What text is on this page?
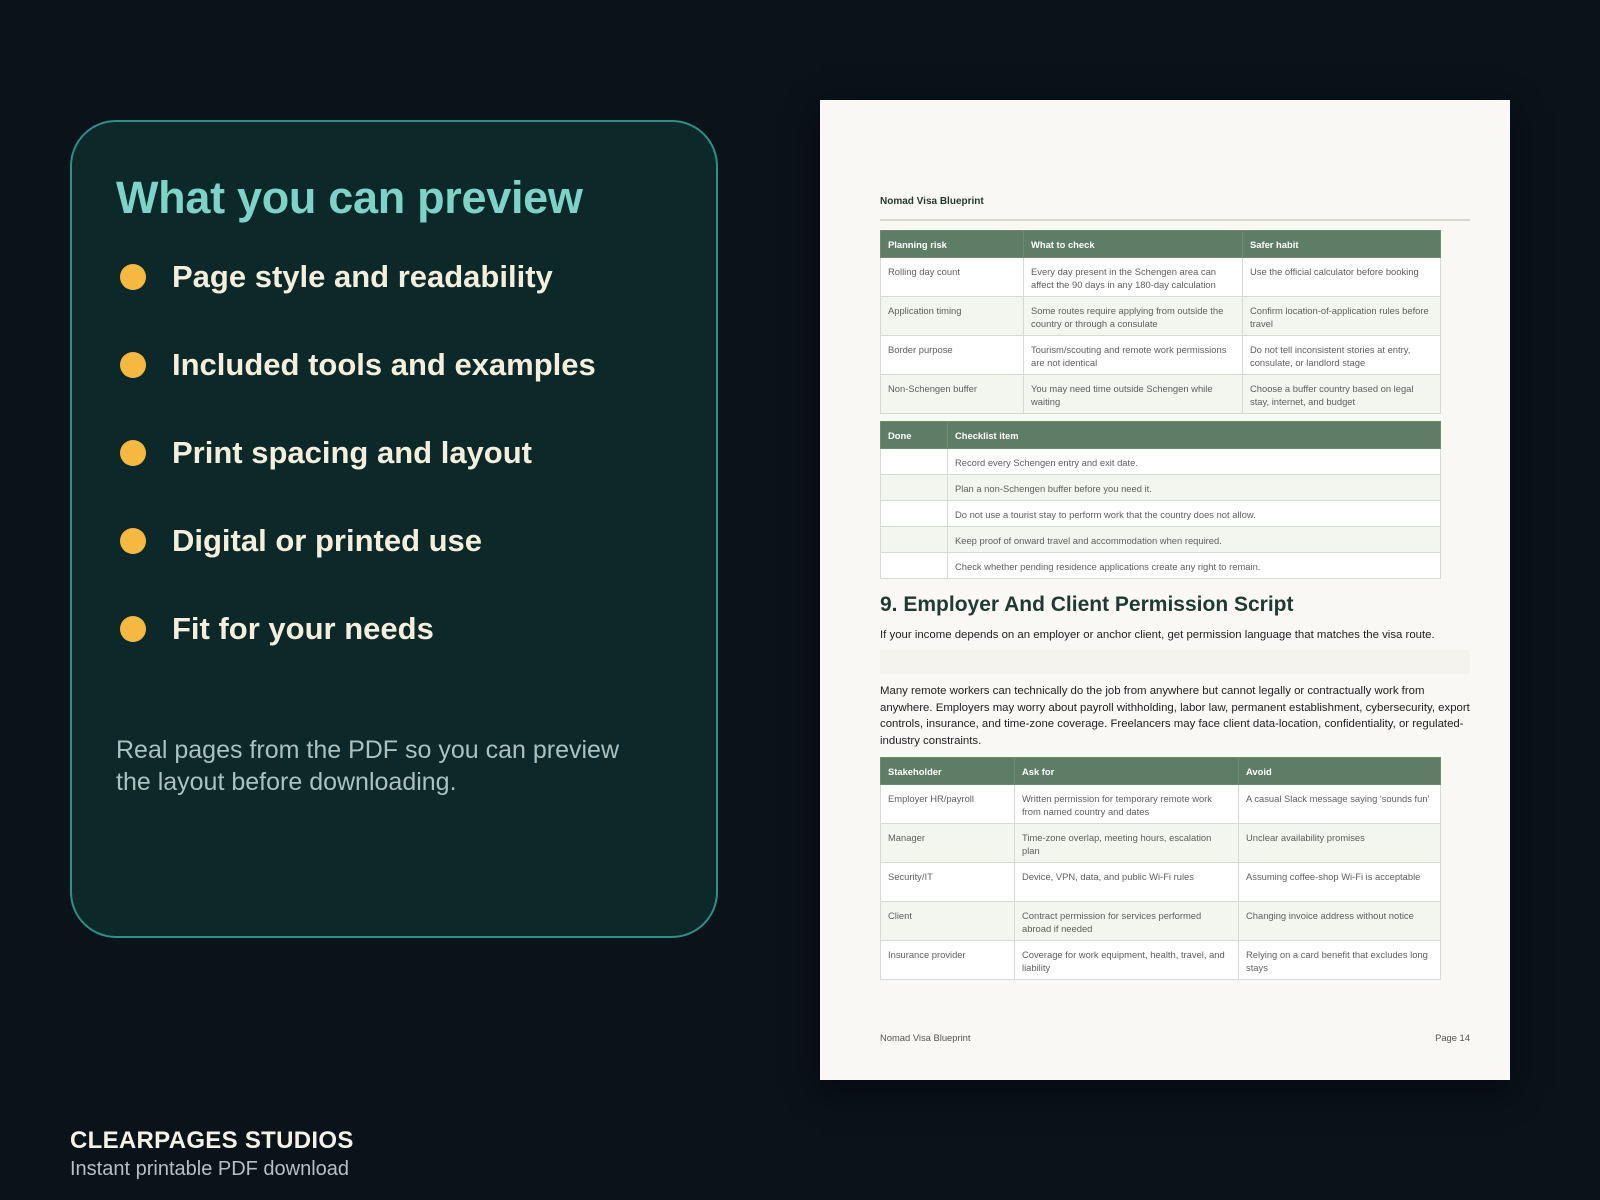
What you can preview
Page style and readability
Included tools and examples
Print spacing and layout
Digital or printed use
Fit for your needs

Real pages from the PDF so you can preview the layout before downloading.

CLEARPAGES STUDIOS
Instant printable PDF download
Nomad Visa Blueprint
Planning risk	What to check	Safer habit
Rolling day count	Every day present in the Schengen area can affect the 90 days in any 180-day calculation	Use the official calculator before booking
Application timing	Some routes require applying from outside the country or through a consulate	Confirm location-of-application rules before travel
Border purpose	Tourism/scouting and remote work permissions are not identical	Do not tell inconsistent stories at entry, consulate, or landlord stage
Non-Schengen buffer	You may need time outside Schengen while waiting	Choose a buffer country based on legal stay, internet, and budget
Done	Checklist item
	Record every Schengen entry and exit date.
	Plan a non-Schengen buffer before you need it.
	Do not use a tourist stay to perform work that the country does not allow.
	Keep proof of onward travel and accommodation when required.
	Check whether pending residence applications create any right to remain.
9. Employer And Client Permission Script
If your income depends on an employer or anchor client, get permission language that matches the visa route.

Many remote workers can technically do the job from anywhere but cannot legally or contractually work from anywhere. Employers may worry about payroll withholding, labor law, permanent establishment, cybersecurity, export controls, insurance, and time-zone coverage. Freelancers may face client data-location, confidentiality, or regulated-industry constraints.

Stakeholder	Ask for	Avoid
Employer HR/payroll	Written permission for temporary remote work from named country and dates	A casual Slack message saying 'sounds fun'
Manager	Time-zone overlap, meeting hours, escalation plan	Unclear availability promises
Security/IT	Device, VPN, data, and public Wi-Fi rules	Assuming coffee-shop Wi-Fi is acceptable
Client	Contract permission for services performed abroad if needed	Changing invoice address without notice
Insurance provider	Coverage for work equipment, health, travel, and liability	Relying on a card benefit that excludes long stays
Nomad Visa Blueprint	Page 14
